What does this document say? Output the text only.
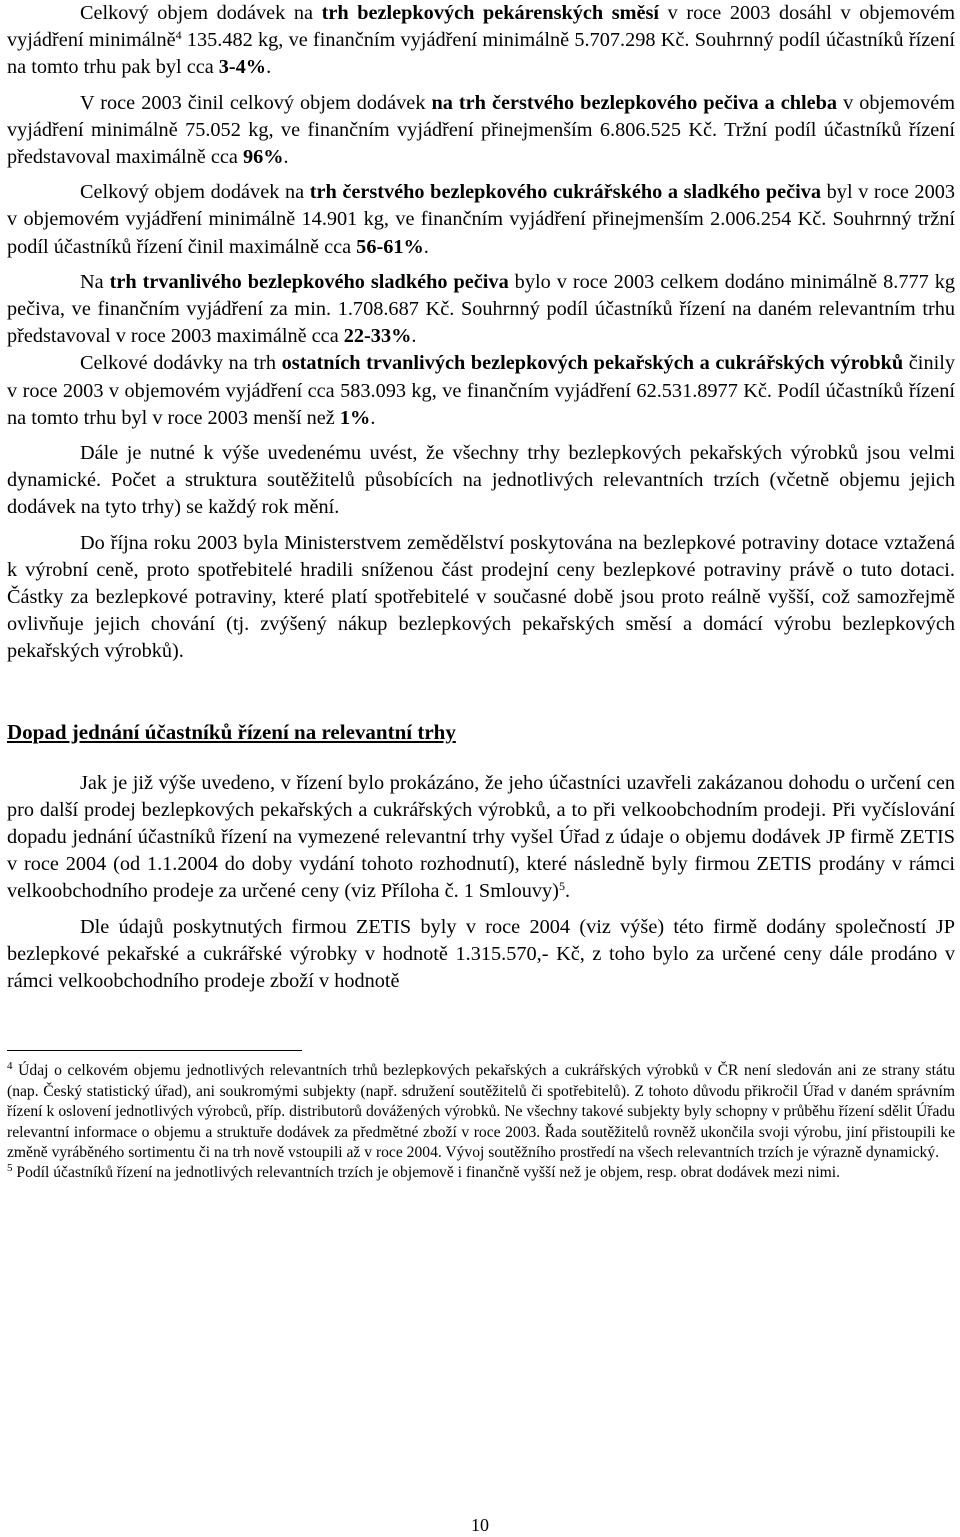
Celkový objem dodávek na trh bezlepkových pekárenských směsí v roce 2003 dosáhl v objemovém vyjádření minimálně$^4$ 135.482 kg, ve finančním vyjádření minimálně 5.707.298 Kč. Souhrnný podíl účastníků řízení na tomto trhu pak byl cca 3-4%.

V roce 2003 činil celkový objem dodávek na trh čerstvého bezlepkového pečiva a chleba v objemovém vyjádření minimálně 75.052 kg, ve finančním vyjádření přinejmenším 6.806.525 Kč. Tržní podíl účastníků řízení představoval maximálně cca 96%.

Celkový objem dodávek na trh čerstvého bezlepkového cukrářského a sladkého pečiva byl v roce 2003 v objemovém vyjádření minimálně 14.901 kg, ve finančním vyjádření přinejmenším 2.006.254 Kč. Souhrnný tržní podíl účastníků řízení činil maximálně cca 56-61%.

Na trh trvanlivého bezlepkového sladkého pečiva bylo v roce 2003 celkem dodáno minimálně 8.777 kg pečiva, ve finančním vyjádření za min. 1.708.687 Kč. Souhrnný podíl účastníků řízení na daném relevantním trhu představoval v roce 2003 maximálně cca 22-33%.

Celkové dodávky na trh ostatních trvanlivých bezlepkových pekařských a cukrářských výrobků činily v roce 2003 v objemovém vyjádření cca 583.093 kg, ve finančním vyjádření 62.531.8977 Kč. Podíl účastníků řízení na tomto trhu byl v roce 2003 menší než 1%.

Dále je nutné k výše uvedenému uvést, že všechny trhy bezlepkových pekařských výrobků jsou velmi dynamické. Počet a struktura soutěžitelů působících na jednotlivých relevantních trzích (včetně objemu jejich dodávek na tyto trhy) se každý rok mění.

Do října roku 2003 byla Ministerstvem zemědělství poskytována na bezlepkové potraviny dotace vztažená k výrobní ceně, proto spotřebitelé hradili sníženou část prodejní ceny bezlepkové potraviny právě o tuto dotaci. Částky za bezlepkové potraviny, které platí spotřebitelé v současné době jsou proto reálně vyšší, což samozřejmě ovlivňuje jejich chování (tj. zvýšený nákup bezlepkových pekařských směsí a domácí výrobu bezlepkových pekařských výrobků).

Dopad jednání účastníků řízení na relevantní trhy

Jak je již výše uvedeno, v řízení bylo prokázáno, že jeho účastníci uzavřeli zakázanou dohodu o určení cen pro další prodej bezlepkových pekařských a cukrářských výrobků, a to při velkoobchodním prodeji. Při vyčíslování dopadu jednání účastníků řízení na vymezené relevantní trhy vyšel Úřad z údaje o objemu dodávek JP firmě ZETIS v roce 2004 (od 1.1.2004 do doby vydání tohoto rozhodnutí), které následně byly firmou ZETIS prodány v rámci velkoobchodního prodeje za určené ceny (viz Příloha č. 1 Smlouvy)$^5$.

Dle údajů poskytnutých firmou ZETIS byly v roce 2004 (viz výše) této firmě dodány společností JP bezlepkové pekařské a cukrářské výrobky v hodnotě 1.315.570,- Kč, z toho bylo za určené ceny dále prodáno v rámci velkoobchodního prodeje zboží v hodnotě

$^4$ Údaj o celkovém objemu jednotlivých relevantních trhů bezlepkových pekařských a cukrářských výrobků v ČR není sledován ani ze strany státu (nap. Český statistický úřad), ani soukromými subjekty (např. sdružení soutěžitelů či spotřebitelů). Z tohoto důvodu přikročil Úřad v daném správním řízení k oslovení jednotlivých výrobců, příp. distributorů dovážených výrobků. Ne všechny takové subjekty byly schopny v průběhu řízení sdělit Úřadu relevantní informace o objemu a struktuře dodávek za předmětné zboží v roce 2003. Řada soutěžitelů rovněž ukončila svoji výrobu, jiní přistoupili ke změně vyráběného sortimentu či na trh nově vstoupili až v roce 2004. Vývoj soutěžního prostředí na všech relevantních trzích je výrazně dynamický.

$^5$ Podíl účastníků řízení na jednotlivých relevantních trzích je objemově i finančně vyšší než je objem, resp. obrat dodávek mezi nimi.

10
